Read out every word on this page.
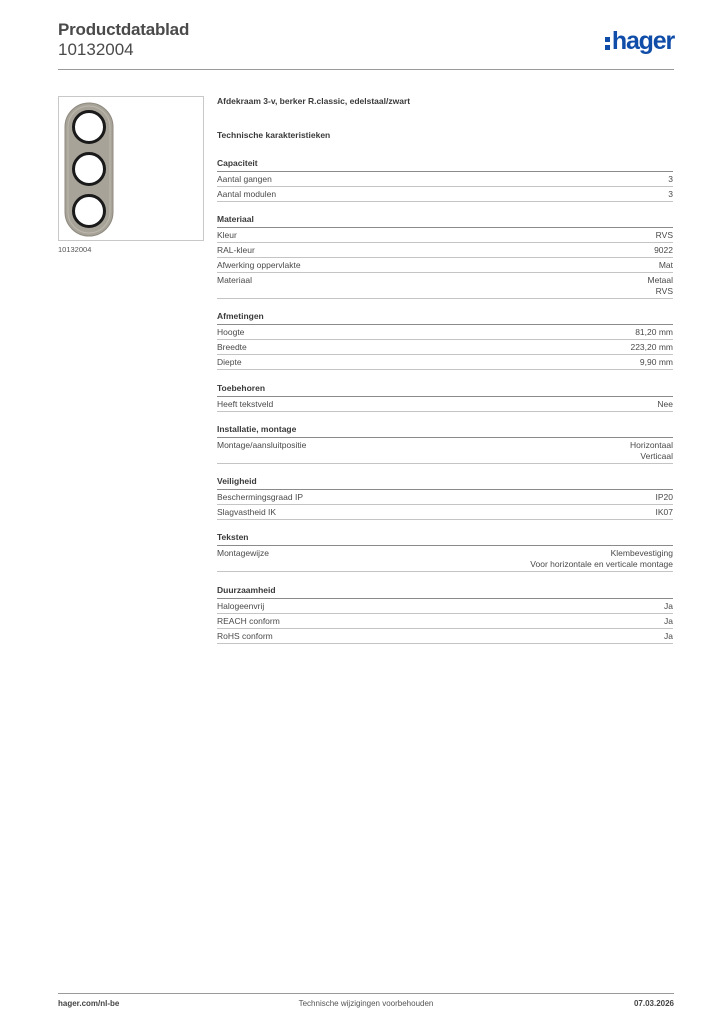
Productdatablad
10132004	hager
10132004
Afdekraam 3-v, berker R.classic, edelstaal/zwart
Technische karakteristieken
Capaciteit
Aantal gangen	3
Aantal modulen	3
Materiaal
Kleur	RVS
RAL-kleur	9022
Afwerking oppervlakte	Mat
Materiaal	Metaal
RVS
Afmetingen
Hoogte	81,20 mm
Breedte	223,20 mm
Diepte	9,90 mm
Toebehoren
Heeft tekstveld	Nee
Installatie, montage
Montage/aansluitpositie	Horizontaal
Verticaal
Veiligheid
Beschermingsgraad IP	IP20
Slagvastheid IK	IK07
Teksten
Montagewijze	Klembevestiging
Voor horizontale en verticale montage
Duurzaamheid
Halogeenvrij	Ja
REACH conform	Ja
RoHS conform	Ja
hager.com/nl-be	Technische wijzigingen voorbehouden	07.03.2026
